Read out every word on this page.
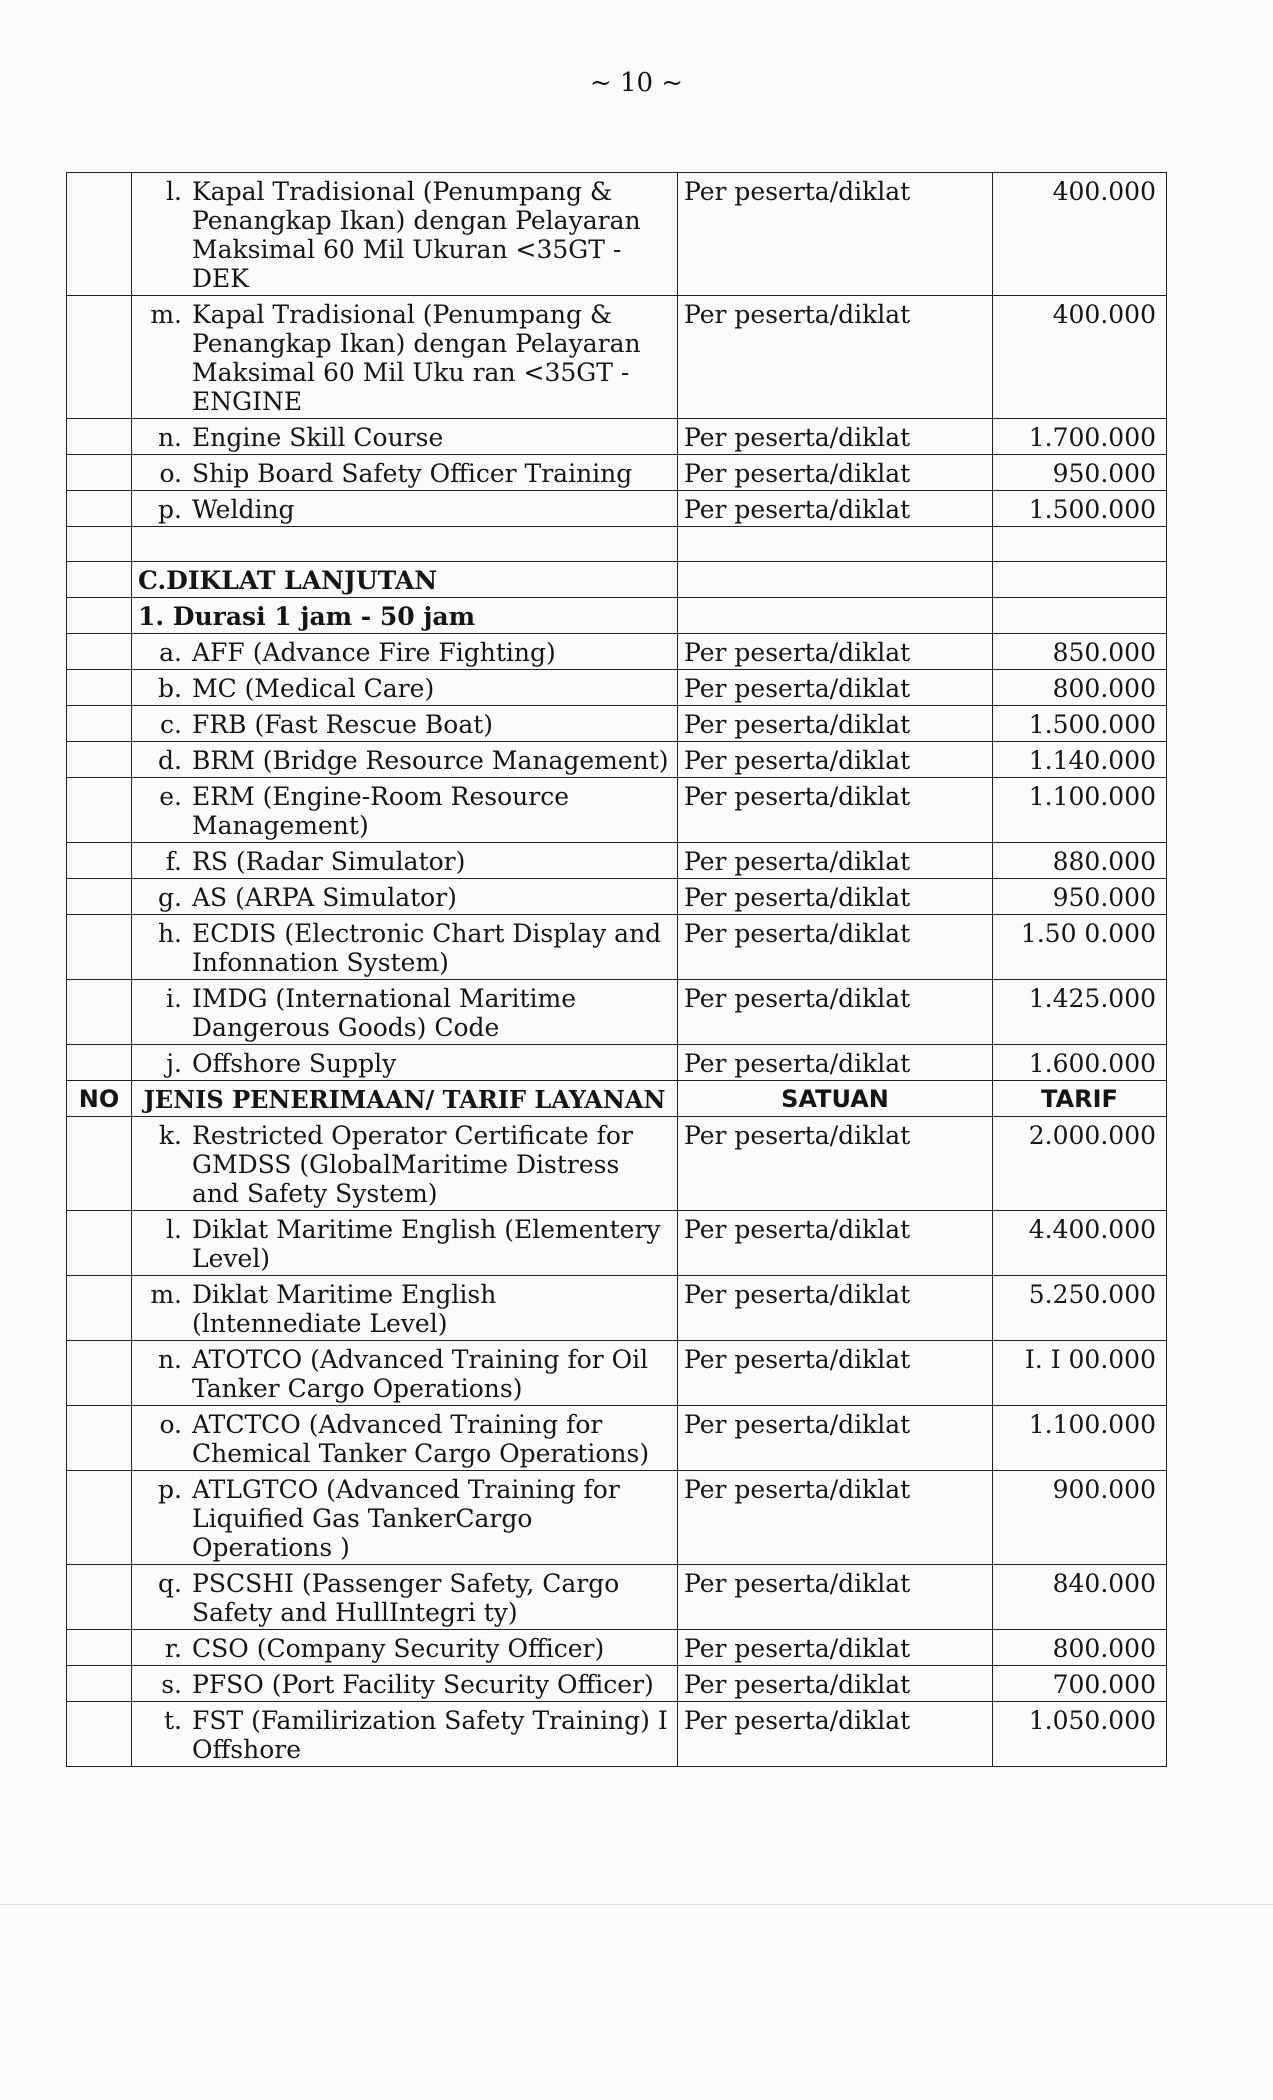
~ 10 ~

	l. Kapal Tradisional (Penumpang & Penangkap Ikan) dengan Pelayaran Maksimal 60 Mil Ukuran <35GT - DEK	Per peserta/diklat	400.000

	m. Kapal Tradisional (Penumpang & Penangkap Ikan) dengan Pelayaran Maksimal 60 Mil Uku ran <35GT - ENGINE	Per peserta/diklat	400.000

	n. Engine Skill Course	Per peserta/diklat	1.700.000

	o. Ship Board Safety Officer Training	Per peserta/diklat	950.000

	p. Welding	Per peserta/diklat	1.500.000

	C.DIKLAT LANJUTAN		
	1. Durasi 1 jam - 50 jam		

	a. AFF (Advance Fire Fighting)	Per peserta/diklat	850.000

	b. MC (Medical Care)	Per peserta/diklat	800.000

	c. FRB (Fast Rescue Boat)	Per peserta/diklat	1.500.000

	d. BRM (Bridge Resource Management)	Per peserta/diklat	1.140.000

	e. ERM (Engine-Room Resource Management)	Per peserta/diklat	1.100.000

	f. RS (Radar Simulator)	Per peserta/diklat	880.000

	g. AS (ARPA Simulator)	Per peserta/diklat	950.000

	h. ECDIS (Electronic Chart Display and Infonnation System)	Per peserta/diklat	1.50 0.000

	i. IMDG (International Maritime Dangerous Goods) Code	Per peserta/diklat	1.425.000

	j. Offshore Supply	Per peserta/diklat	1.600.000
NO	JENIS PENERIMAAN/ TARIF LAYANAN	SATUAN	TARIF

	k. Restricted Operator Certificate for GMDSS (GlobalMaritime Distress and Safety System)	Per peserta/diklat	2.000.000

	l. Diklat Maritime English (Elementery Level)	Per peserta/diklat	4.400.000

	m. Diklat Maritime English (lntennediate Level)	Per peserta/diklat	5.250.000

	n. ATOTCO (Advanced Training for Oil Tanker Cargo Operations)	Per peserta/diklat	I. I 00.000

	o. ATCTCO (Advanced Training for Chemical Tanker Cargo Operations)	Per peserta/diklat	1.100.000

	p. ATLGTCO (Advanced Training for Liquified Gas TankerCargo Operations )	Per peserta/diklat	900.000

	q. PSCSHI (Passenger Safety, Cargo Safety and HullIntegri ty)	Per peserta/diklat	840.000

	r. CSO (Company Security Officer)	Per peserta/diklat	800.000

	s. PFSO (Port Facility Security Officer)	Per peserta/diklat	700.000

	t. FST (Familirization Safety Training) I Offshore	Per peserta/diklat	1.050.000
